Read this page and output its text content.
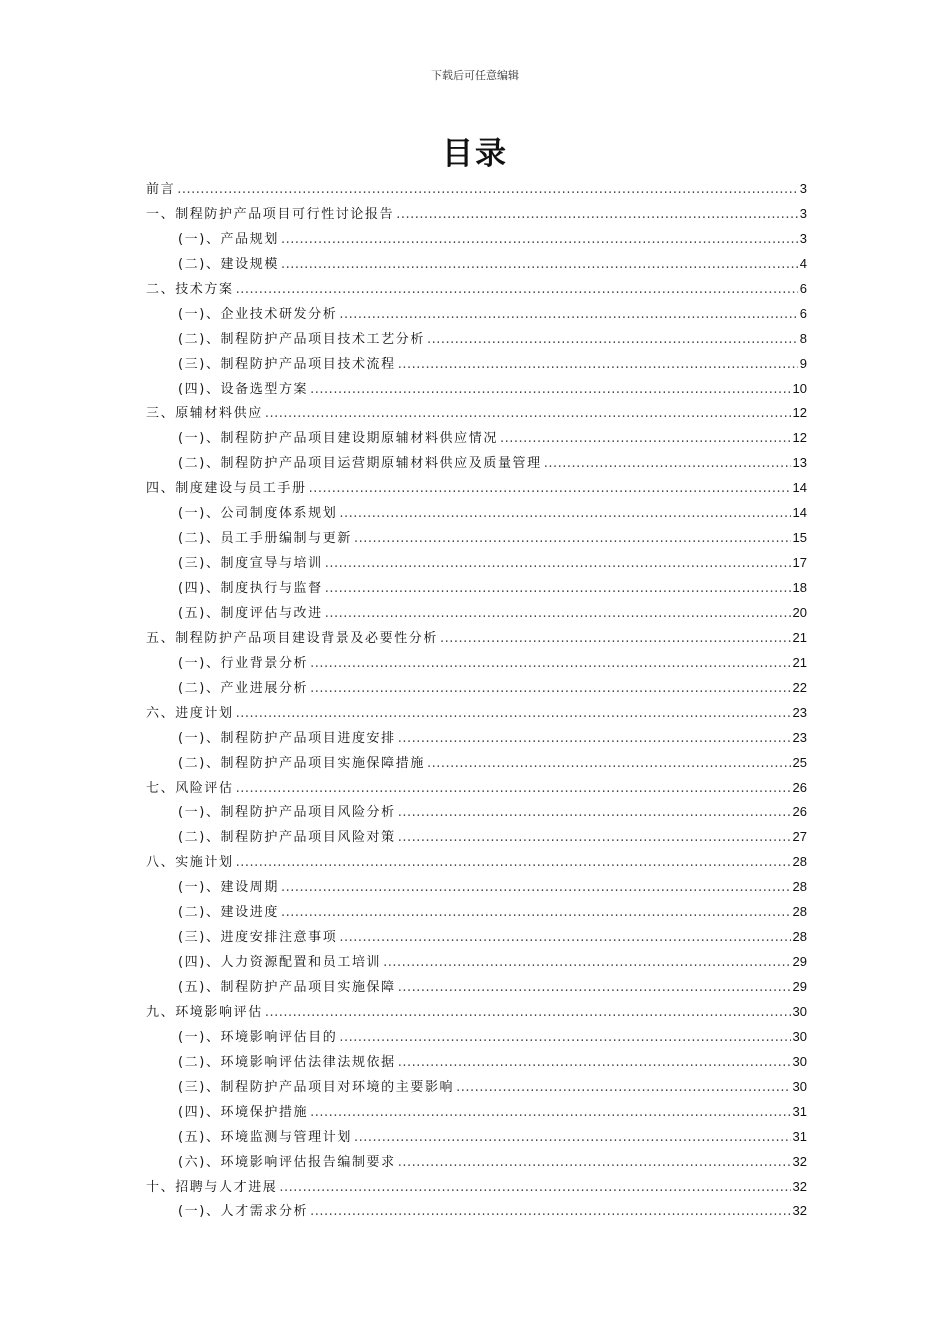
下载后可任意编辑
目录
前言 .....	3
一、制程防护产品项目可行性讨论报告 .....	3
(一)、产品规划 .....	3
(二)、建设规模 .....	4
二、技术方案 .....	6
(一)、企业技术研发分析 .....	6
(二)、制程防护产品项目技术工艺分析 .....	8
(三)、制程防护产品项目技术流程 .....	9
(四)、设备选型方案 .....	10
三、原辅材料供应 .....	12
(一)、制程防护产品项目建设期原辅材料供应情况 .....	12
(二)、制程防护产品项目运营期原辅材料供应及质量管理 .....	13
四、制度建设与员工手册 .....	14
(一)、公司制度体系规划 .....	14
(二)、员工手册编制与更新 .....	15
(三)、制度宣导与培训 .....	17
(四)、制度执行与监督 .....	18
(五)、制度评估与改进 .....	20
五、制程防护产品项目建设背景及必要性分析 .....	21
(一)、行业背景分析 .....	21
(二)、产业进展分析 .....	22
六、进度计划 .....	23
(一)、制程防护产品项目进度安排 .....	23
(二)、制程防护产品项目实施保障措施 .....	25
七、风险评估 .....	26
(一)、制程防护产品项目风险分析 .....	26
(二)、制程防护产品项目风险对策 .....	27
八、实施计划 .....	28
(一)、建设周期 .....	28
(二)、建设进度 .....	28
(三)、进度安排注意事项 .....	28
(四)、人力资源配置和员工培训 .....	29
(五)、制程防护产品项目实施保障 .....	29
九、环境影响评估 .....	30
(一)、环境影响评估目的 .....	30
(二)、环境影响评估法律法规依据 .....	30
(三)、制程防护产品项目对环境的主要影响 .....	30
(四)、环境保护措施 .....	31
(五)、环境监测与管理计划 .....	31
(六)、环境影响评估报告编制要求 .....	32
十、招聘与人才进展 .....	32
(一)、人才需求分析 .....	32
